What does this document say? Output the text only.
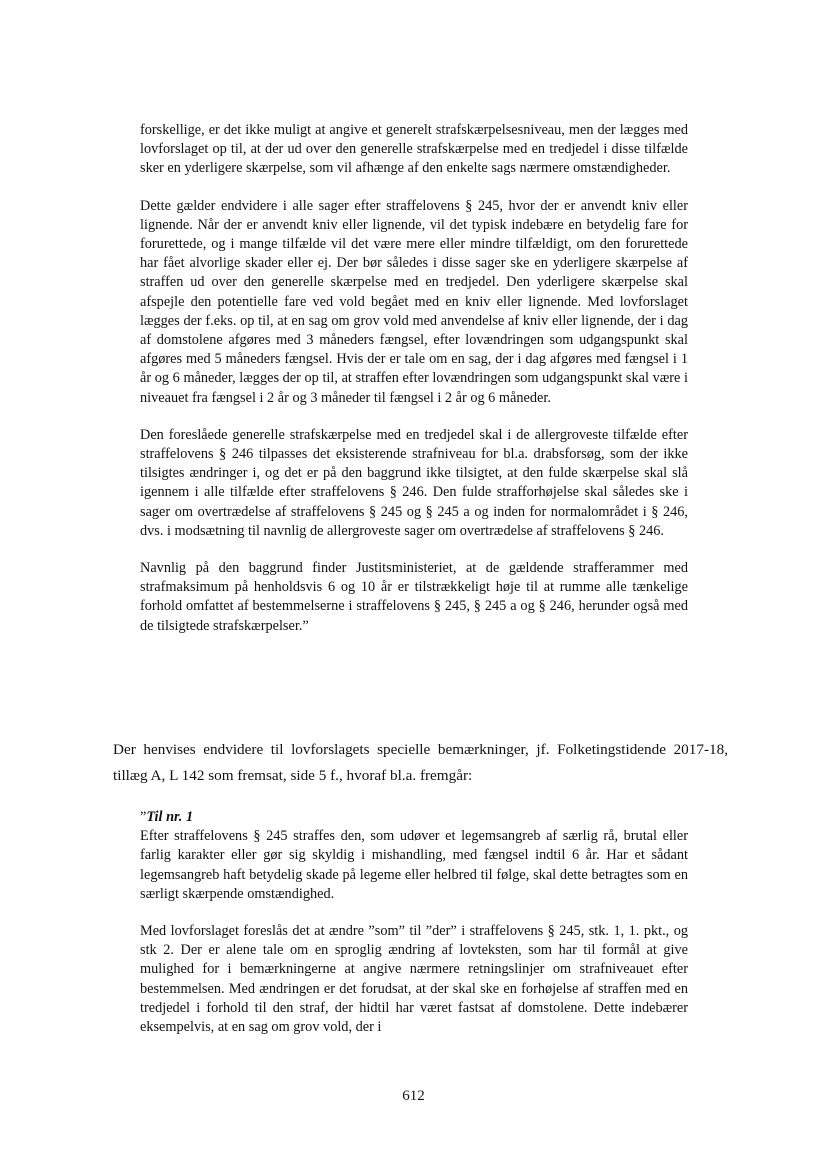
forskellige, er det ikke muligt at angive et generelt strafskærpelsesniveau, men der lægges med lovforslaget op til, at der ud over den generelle strafskærpelse med en tredjedel i disse tilfælde sker en yderligere skærpelse, som vil afhænge af den enkelte sags nærmere omstændigheder.

Dette gælder endvidere i alle sager efter straffelovens § 245, hvor der er anvendt kniv eller lignende. Når der er anvendt kniv eller lignende, vil det typisk indebære en betydelig fare for forurettede, og i mange tilfælde vil det være mere eller mindre tilfældigt, om den forurettede har fået alvorlige skader eller ej. Der bør således i disse sager ske en yderligere skærpelse af straffen ud over den generelle skærpelse med en tredjedel. Den yderligere skærpelse skal afspejle den potentielle fare ved vold begået med en kniv eller lignende. Med lovforslaget lægges der f.eks. op til, at en sag om grov vold med anvendelse af kniv eller lignende, der i dag af domstolene afgøres med 3 måneders fængsel, efter lovændringen som udgangspunkt skal afgøres med 5 måneders fængsel. Hvis der er tale om en sag, der i dag afgøres med fængsel i 1 år og 6 måneder, lægges der op til, at straffen efter lovændringen som udgangspunkt skal være i niveauet fra fængsel i 2 år og 3 måneder til fængsel i 2 år og 6 måneder.

Den foreslåede generelle strafskærpelse med en tredjedel skal i de allergroveste tilfælde efter straffelovens § 246 tilpasses det eksisterende strafniveau for bl.a. drabsforsøg, som der ikke tilsigtes ændringer i, og det er på den baggrund ikke tilsigtet, at den fulde skærpelse skal slå igennem i alle tilfælde efter straffelovens § 246. Den fulde strafforhøjelse skal således ske i sager om overtrædelse af straffelovens § 245 og § 245 a og inden for normalområdet i § 246, dvs. i modsætning til navnlig de allergroveste sager om overtrædelse af straffelovens § 246.

Navnlig på den baggrund finder Justitsministeriet, at de gældende strafferammer med strafmaksimum på henholdsvis 6 og 10 år er tilstrækkeligt høje til at rumme alle tænkelige forhold omfattet af bestemmelserne i straffelovens § 245, § 245 a og § 246, herunder også med de tilsigtede strafskærpelser.”

Der henvises endvidere til lovforslagets specielle bemærkninger, jf. Folketingstidende 2017-18, tillæg A, L 142 som fremsat, side 5 f., hvoraf bl.a. fremgår:

”Til nr. 1

Efter straffelovens § 245 straffes den, som udøver et legemsangreb af særlig rå, brutal eller farlig karakter eller gør sig skyldig i mishandling, med fængsel indtil 6 år. Har et sådant legemsangreb haft betydelig skade på legeme eller helbred til følge, skal dette betragtes som en særligt skærpende omstændighed.

Med lovforslaget foreslås det at ændre ”som” til ”der” i straffelovens § 245, stk. 1, 1. pkt., og stk 2. Der er alene tale om en sproglig ændring af lovteksten, som har til formål at give mulighed for i bemærkningerne at angive nærmere retningslinjer om strafniveauet efter bestemmelsen. Med ændringen er det forudsat, at der skal ske en forhøjelse af straffen med en tredjedel i forhold til den straf, der hidtil har været fastsat af domstolene. Dette indebærer eksempelvis, at en sag om grov vold, der i

612
